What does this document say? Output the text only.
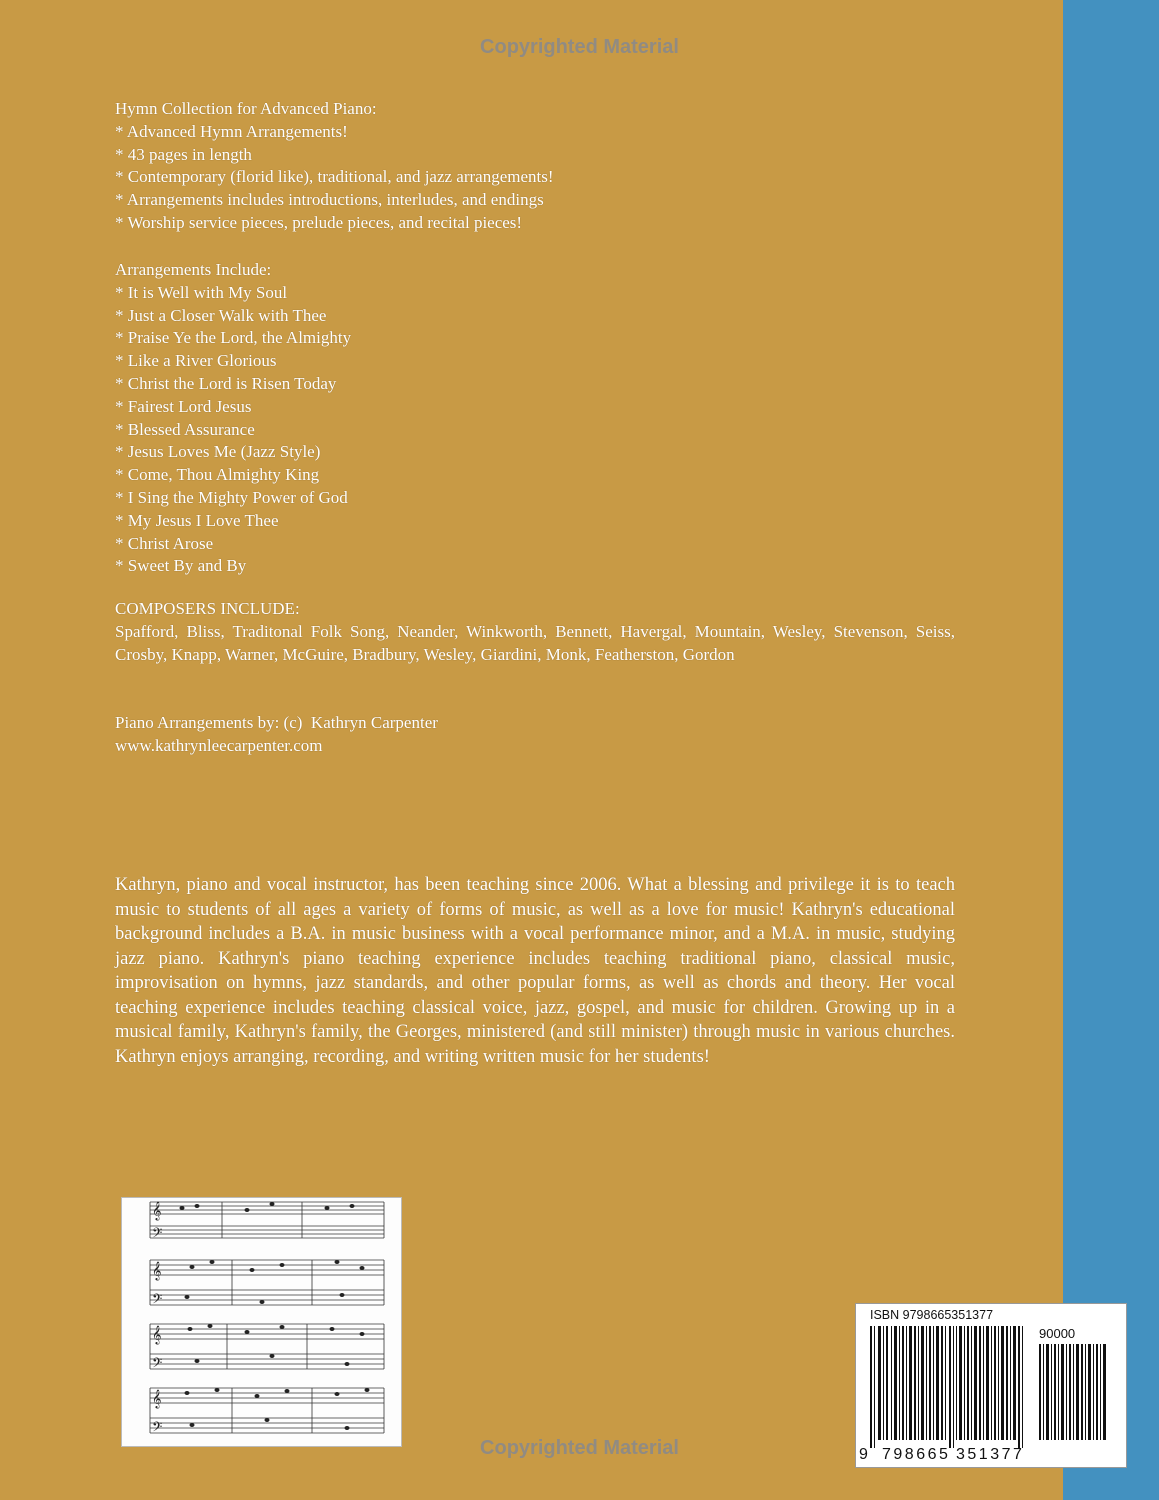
Copyrighted Material

Hymn Collection for Advanced Piano:

* Advanced Hymn Arrangements!

* 43 pages in length

* Contemporary (florid like), traditional, and jazz arrangements!

* Arrangements includes introductions, interludes, and endings

* Worship service pieces, prelude pieces, and recital pieces!

Arrangements Include:

* It is Well with My Soul

* Just a Closer Walk with Thee

* Praise Ye the Lord, the Almighty

* Like a River Glorious

* Christ the Lord is Risen Today

* Fairest Lord Jesus

* Blessed Assurance

* Jesus Loves Me (Jazz Style)

* Come, Thou Almighty King

* I Sing the Mighty Power of God

* My Jesus I Love Thee

* Christ Arose

* Sweet By and By

COMPOSERS INCLUDE:

Spafford, Bliss, Traditonal Folk Song, Neander, Winkworth, Bennett, Havergal, Mountain, Wesley, Stevenson, Seiss, Crosby, Knapp, Warner, McGuire, Bradbury, Wesley, Giardini, Monk, Featherston, Gordon

Piano Arrangements by: (c)  Kathryn Carpenter

www.kathrynleecarpenter.com

Kathryn, piano and vocal instructor, has been teaching since 2006. What a blessing and privilege it is to teach music to students of all ages a variety of forms of music, as well as a love for music! Kathryn's educational background includes a B.A. in music business with a vocal performance minor, and a M.A. in music, studying jazz piano. Kathryn's piano teaching experience includes teaching traditional piano, classical music, improvisation on hymns, jazz standards, and other popular forms, as well as chords and theory. Her vocal teaching experience includes teaching classical voice, jazz, gospel, and music for children. Growing up in a musical family, Kathryn's family, the Georges, ministered (and still minister) through music in various churches. Kathryn enjoys arranging, recording, and writing written music for her students!

𝄞
𝄢
𝄞
𝄢
𝄞
𝄢
𝄞
𝄢
ISBN 9798665351377
90000
9 798665 351377
Copyrighted Material
